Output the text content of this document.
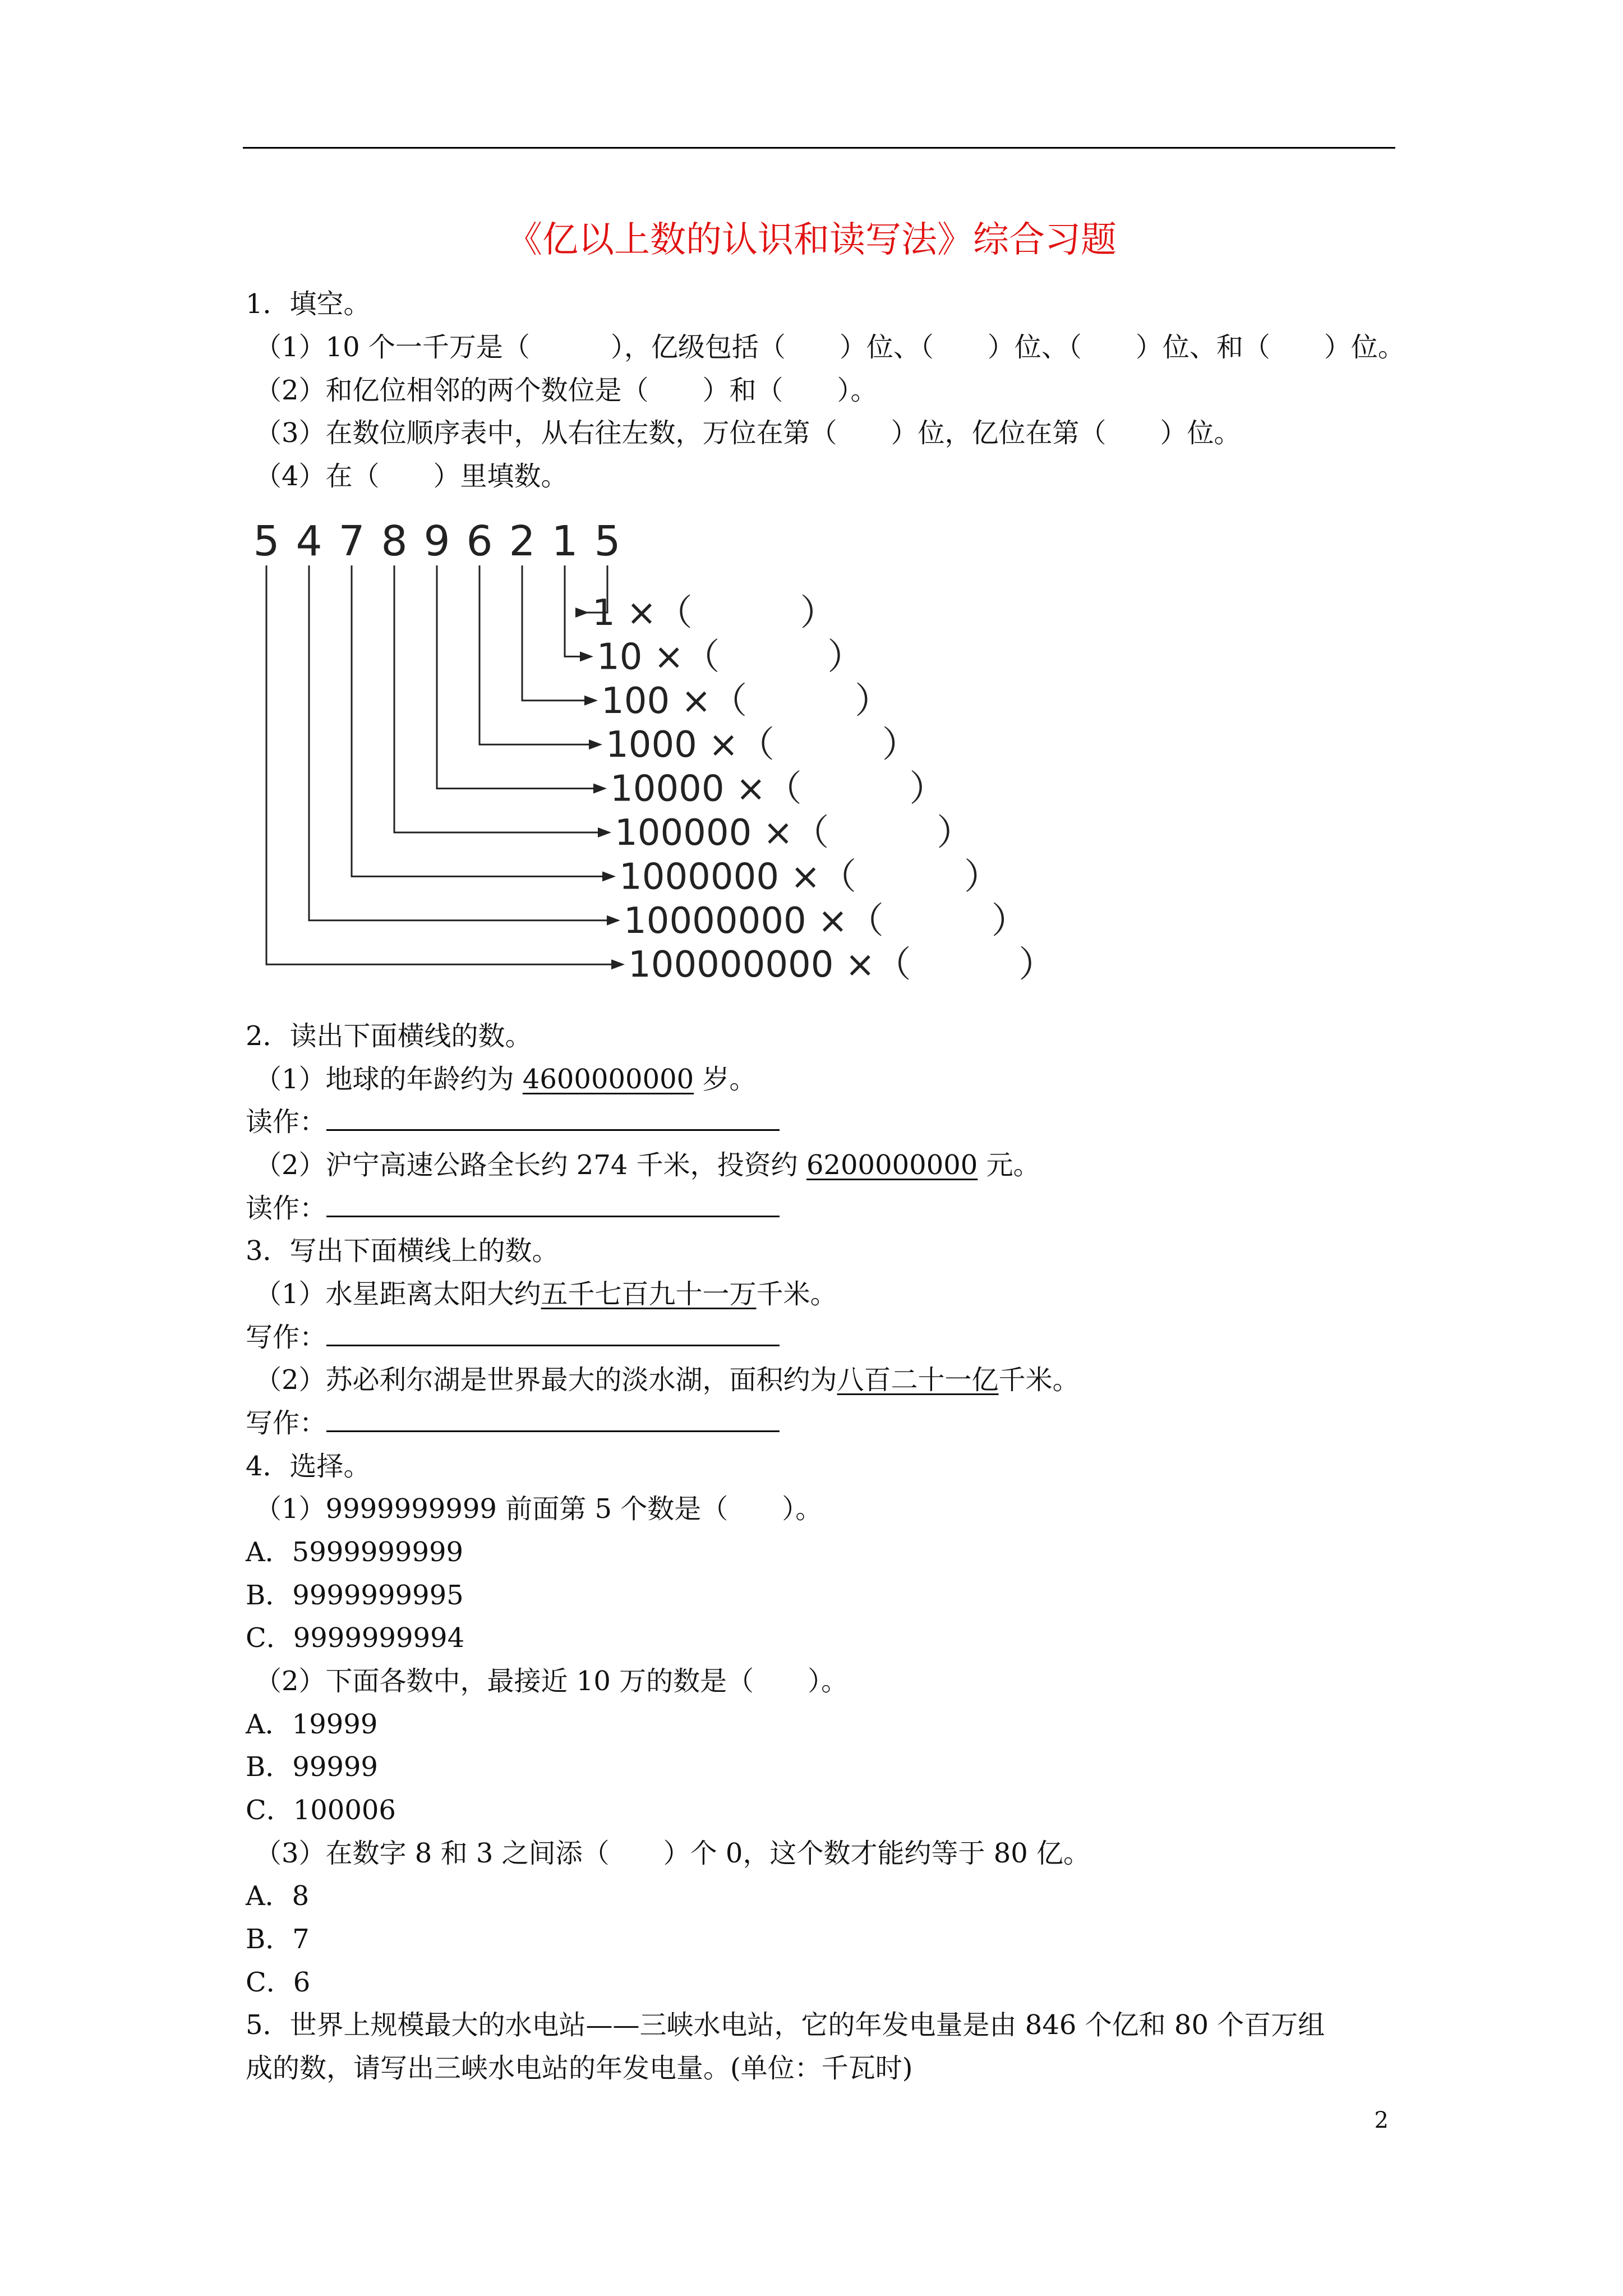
《亿以上数的认识和读写法》综合习题
1．填空。
（1）10 个一千万是（　　　），亿级包括（　　）位、（　　）位、（　　）位、和（　　）位。
（2）和亿位相邻的两个数位是（　　）和（　　）。
（3）在数位顺序表中，从右往左数，万位在第（　　）位，亿位在第（　　）位。
（4）在（　　）里填数。
5 4 7 8 9 6 2 1 5
1 ×（　　　）
10 ×（　　　）
100 ×（　　　）
1000 ×（　　　）
10000 ×（　　　）
100000 ×（　　　）
1000000 ×（　　　）
10000000 ×（　　　）
100000000 ×（　　　）
2．读出下面横线的数。
（1）地球的年龄约为 4600000000 岁。
读作：
（2）沪宁高速公路全长约 274 千米，投资约 6200000000 元。
读作：
3．写出下面横线上的数。
（1）水星距离太阳大约五千七百九十一万千米。
写作：
（2）苏必利尔湖是世界最大的淡水湖，面积约为八百二十一亿千米。
写作：
4．选择。
（1）9999999999 前面第 5 个数是（　　）。
A．5999999999
B．9999999995
C．9999999994
（2）下面各数中，最接近 10 万的数是（　　）。
A．19999
B．99999
C．100006
（3）在数字 8 和 3 之间添（　　）个 0，这个数才能约等于 80 亿。
A．8
B．7
C．6
5．世界上规模最大的水电站——三峡水电站，它的年发电量是由 846 个亿和 80 个百万组
成的数，请写出三峡水电站的年发电量。(单位：千瓦时)
2
